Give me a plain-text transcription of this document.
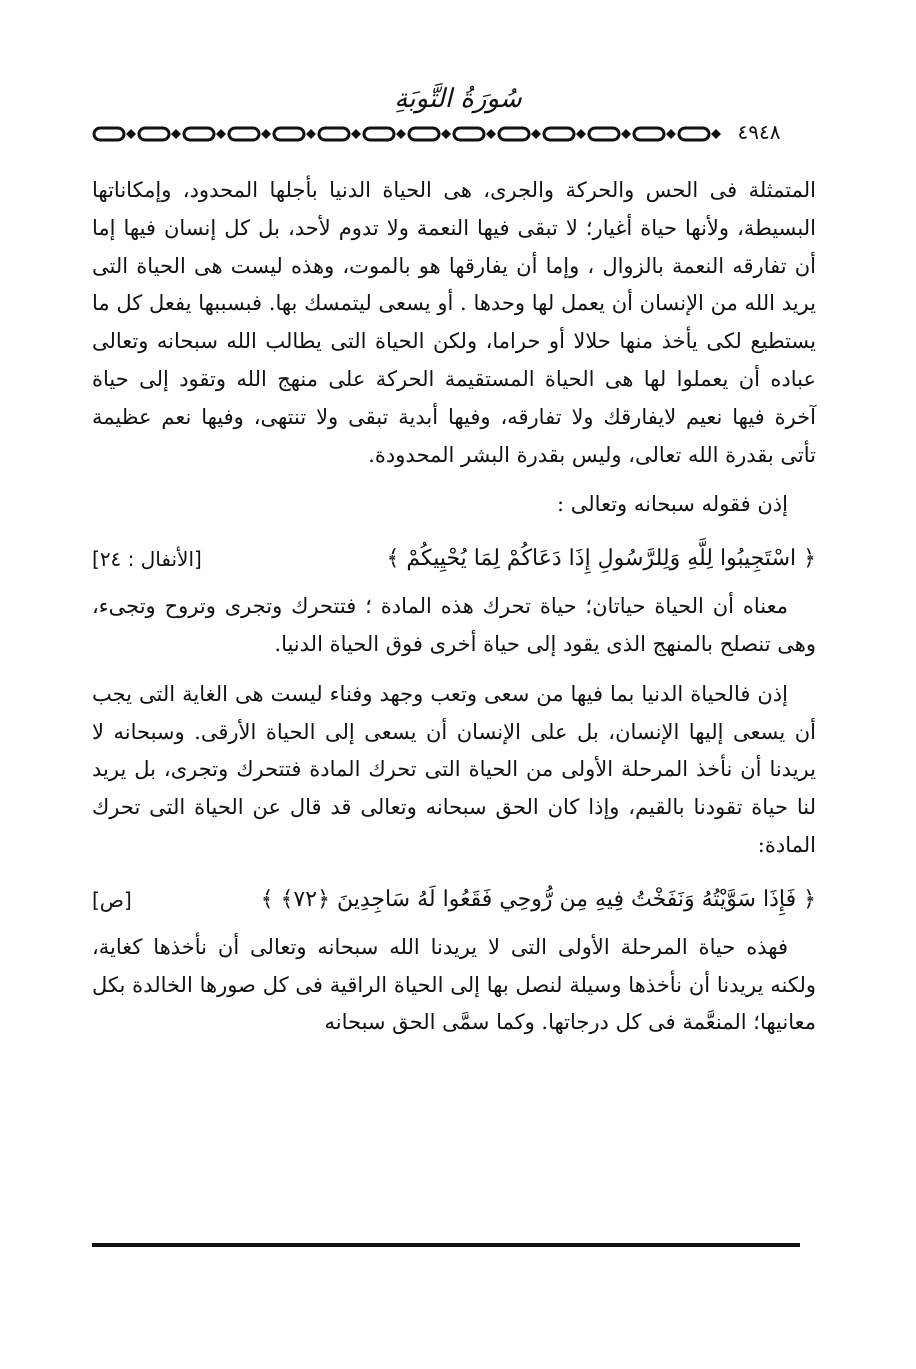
سُورَةُ التَّوبَةِ
٤٩٤٨

المتمثلة فى الحس والحركة والجرى، هى الحياة الدنيا بأجلها المحدود، وإمكاناتها البسيطة، ولأنها حياة أغيار؛ لا تبقى فيها النعمة ولا تدوم لأحد، بل كل إنسان فيها إما أن تفارقه النعمة بالزوال ، وإما أن يفارقها هو بالموت، وهذه ليست هى الحياة التى يريد الله من الإنسان أن يعمل لها وحدها . أو يسعى ليتمسك بها. فبسببها يفعل كل ما يستطيع لكى يأخذ منها حلالا أو حراما، ولكن الحياة التى يطالب الله سبحانه وتعالى عباده أن يعملوا لها هى الحياة المستقيمة الحركة على منهج الله وتقود إلى حياة آخرة فيها نعيم لايفارقك ولا تفارقه، وفيها أبدية تبقى ولا تنتهى، وفيها نعم عظيمة تأتى بقدرة الله تعالى، وليس بقدرة البشر المحدودة.

إذن فقوله سبحانه وتعالى :

﴿ اسْتَجِيبُوا لِلَّهِ وَلِلرَّسُولِ إِذَا دَعَاكُمْ لِمَا يُحْيِيكُمْ ﴾
[الأنفال : ٢٤]

معناه أن الحياة حياتان؛ حياة تحرك هذه المادة ؛ فتتحرك وتجرى وتروح وتجىء، وهى تنصلح بالمنهج الذى يقود إلى حياة أخرى فوق الحياة الدنيا.

إذن فالحياة الدنيا بما فيها من سعى وتعب وجهد وفناء ليست هى الغاية التى يجب أن يسعى إليها الإنسان، بل على الإنسان أن يسعى إلى الحياة الأرقى. وسبحانه لا يريدنا أن نأخذ المرحلة الأولى من الحياة التى تحرك المادة فتتحرك وتجرى، بل يريد لنا حياة تقودنا بالقيم، وإذا كان الحق سبحانه وتعالى قد قال عن الحياة التى تحرك المادة:

﴿ فَإِذَا سَوَّيْتُهُ وَنَفَخْتُ فِيهِ مِن رُّوحِي فَقَعُوا لَهُ سَاجِدِينَ ﴿٧٢﴾ ﴾
[ص]

فهذه حياة المرحلة الأولى التى لا يريدنا الله سبحانه وتعالى أن نأخذها كغاية، ولكنه يريدنا أن نأخذها وسيلة لنصل بها إلى الحياة الراقية فى كل صورها الخالدة بكل معانيها؛ المنعَّمة فى كل درجاتها. وكما سمَّى الحق سبحانه
